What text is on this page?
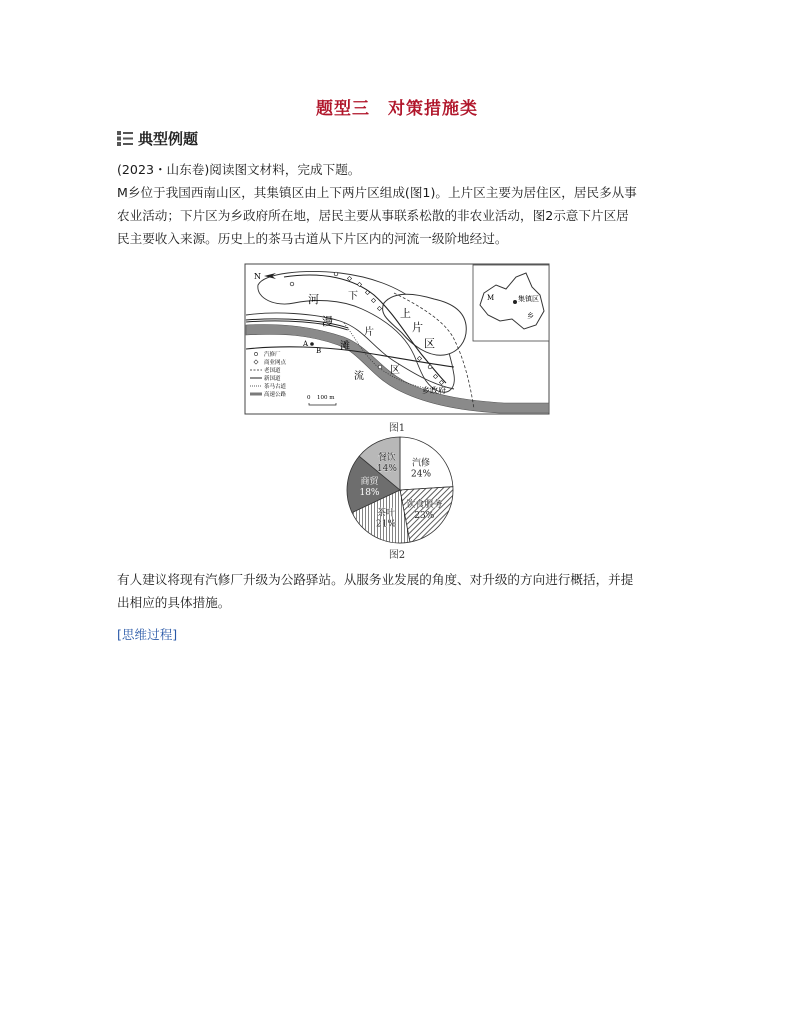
题型三　对策措施类
典型例题

(2023・山东卷)阅读图文材料，完成下题。

M乡位于我国西南山区，其集镇区由上下两片区组成(图1)。上片区主要为居住区，居民多从事
农业活动；下片区为乡政府所在地，居民主要从事联系松散的非农业活动，图2示意下片区居
民主要收入来源。历史上的茶马古道从下片区内的河流一级阶地经过。

M	集镇区
乡
N
A
B
河
漫
滩
流
下
片
区
上
片
区
乡政府
汽修厂
商业网点
老国道
新国道
茶马古道
高速公路	0 100 m
图1
汽修
24%
饮食服务
23%
茶叶
21%
商贸
18%
餐饮
14%
图2

有人建议将现有汽修厂升级为公路驿站。从服务业发展的角度、对升级的方向进行概括，并提
出相应的具体措施。

[思维过程]
